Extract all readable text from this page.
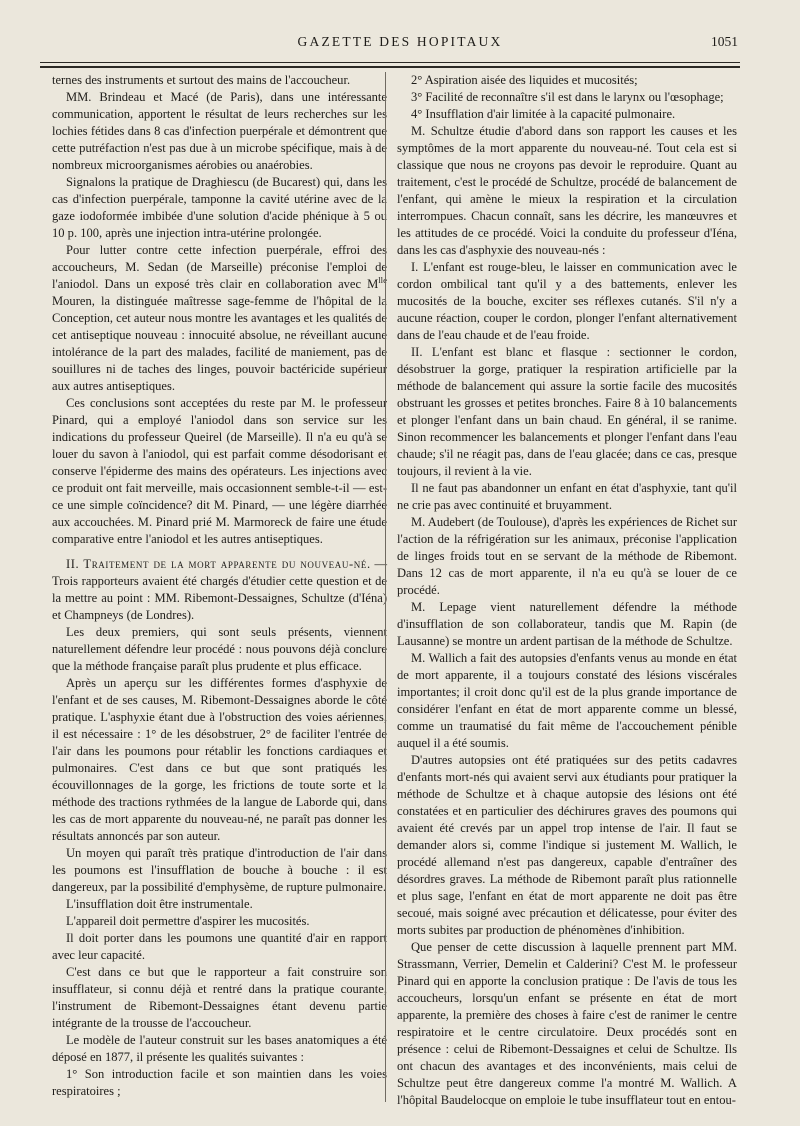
GAZETTE DES HOPITAUX	1051

ternes des instruments et surtout des mains de l'accoucheur.

MM. Brindeau et Macé (de Paris), dans une intéressante communication, apportent le résultat de leurs recherches sur les lochies fétides dans 8 cas d'infection puerpérale et démontrent que cette putréfaction n'est pas due à un microbe spécifique, mais à de nombreux microorganismes aérobies ou anaérobies.

Signalons la pratique de Draghiescu (de Bucarest) qui, dans les cas d'infection puerpérale, tamponne la cavité utérine avec de la gaze iodoformée imbibée d'une solution d'acide phénique à 5 ou 10 p. 100, après une injection intra-utérine prolongée.

Pour lutter contre cette infection puerpérale, effroi des accoucheurs, M. Sedan (de Marseille) préconise l'emploi de l'aniodol. Dans un exposé très clair en collaboration avec $M^{lle}$ Mouren, la distinguée maîtresse sage-femme de l'hôpital de la Conception, cet auteur nous montre les avantages et les qualités de cet antiseptique nouveau : innocuité absolue, ne réveillant aucune intolérance de la part des malades, facilité de maniement, pas de souillures ni de taches des linges, pouvoir bactéricide supérieur aux autres antiseptiques.

Ces conclusions sont acceptées du reste par M. le professeur Pinard, qui a employé l'aniodol dans son service sur les indications du professeur Queirel (de Marseille). Il n'a eu qu'à se louer du savon à l'aniodol, qui est parfait comme désodorisant et conserve l'épiderme des mains des opérateurs. Les injections avec ce produit ont fait merveille, mais occasionnent semble-t-il — est-ce une simple coïncidence? dit M. Pinard, — une légère diarrhée aux accouchées. M. Pinard prié M. Marmoreck de faire une étude comparative entre l'aniodol et les autres antiseptiques.

II. Traitement de la mort apparente du nouveau-né. — Trois rapporteurs avaient été chargés d'étudier cette question et de la mettre au point : MM. Ribemont-Dessaignes, Schultze (d'Iéna) et Champneys (de Londres).

Les deux premiers, qui sont seuls présents, viennent naturellement défendre leur procédé : nous pouvons déjà conclure que la méthode française paraît plus prudente et plus efficace.

Après un aperçu sur les différentes formes d'asphyxie de l'enfant et de ses causes, M. Ribemont-Dessaignes aborde le côté pratique. L'asphyxie étant due à l'obstruction des voies aériennes, il est nécessaire : 1° de les désobstruer, 2° de faciliter l'entrée de l'air dans les poumons pour rétablir les fonctions cardiaques et pulmonaires. C'est dans ce but que sont pratiqués les écouvillonnages de la gorge, les frictions de toute sorte et la méthode des tractions rythmées de la langue de Laborde qui, dans les cas de mort apparente du nouveau-né, ne paraît pas donner les résultats annoncés par son auteur.

Un moyen qui paraît très pratique d'introduction de l'air dans les poumons est l'insufflation de bouche à bouche : il est dangereux, par la possibilité d'emphysème, de rupture pulmonaire.

L'insufflation doit être instrumentale.

L'appareil doit permettre d'aspirer les mucosités.

Il doit porter dans les poumons une quantité d'air en rapport avec leur capacité.

C'est dans ce but que le rapporteur a fait construire son insufflateur, si connu déjà et rentré dans la pratique courante, l'instrument de Ribemont-Dessaignes étant devenu partie intégrante de la trousse de l'accoucheur.

Le modèle de l'auteur construit sur les bases anatomiques a été déposé en 1877, il présente les qualités suivantes :

1° Son introduction facile et son maintien dans les voies respiratoires ;

2° Aspiration aisée des liquides et mucosités;

3° Facilité de reconnaître s'il est dans le larynx ou l'œsophage;

4° Insufflation d'air limitée à la capacité pulmonaire.

M. Schultze étudie d'abord dans son rapport les causes et les symptômes de la mort apparente du nouveau-né. Tout cela est si classique que nous ne croyons pas devoir le reproduire. Quant au traitement, c'est le procédé de Schultze, procédé de balancement de l'enfant, qui amène le mieux la respiration et la circulation interrompues. Chacun connaît, sans les décrire, les manœuvres et les attitudes de ce procédé. Voici la conduite du professeur d'Iéna, dans les cas d'asphyxie des nouveau-nés :

I. L'enfant est rouge-bleu, le laisser en communication avec le cordon ombilical tant qu'il y a des battements, enlever les mucosités de la bouche, exciter ses réflexes cutanés. S'il n'y a aucune réaction, couper le cordon, plonger l'enfant alternativement dans de l'eau chaude et de l'eau froide.

II. L'enfant est blanc et flasque : sectionner le cordon, désobstruer la gorge, pratiquer la respiration artificielle par la méthode de balancement qui assure la sortie facile des mucosités obstruant les grosses et petites bronches. Faire 8 à 10 balancements et plonger l'enfant dans un bain chaud. En général, il se ranime. Sinon recommencer les balancements et plonger l'enfant dans l'eau chaude; s'il ne réagit pas, dans de l'eau glacée; dans ce cas, presque toujours, il revient à la vie.

Il ne faut pas abandonner un enfant en état d'asphyxie, tant qu'il ne crie pas avec continuité et bruyamment.

M. Audebert (de Toulouse), d'après les expériences de Richet sur l'action de la réfrigération sur les animaux, préconise l'application de linges froids tout en se servant de la méthode de Ribemont. Dans 12 cas de mort apparente, il n'a eu qu'à se louer de ce procédé.

M. Lepage vient naturellement défendre la méthode d'insufflation de son collaborateur, tandis que M. Rapin (de Lausanne) se montre un ardent partisan de la méthode de Schultze.

M. Wallich a fait des autopsies d'enfants venus au monde en état de mort apparente, il a toujours constaté des lésions viscérales importantes; il croit donc qu'il est de la plus grande importance de considérer l'enfant en état de mort apparente comme un blessé, comme un traumatisé du fait même de l'accouchement pénible auquel il a été soumis.

D'autres autopsies ont été pratiquées sur des petits cadavres d'enfants mort-nés qui avaient servi aux étudiants pour pratiquer la méthode de Schultze et à chaque autopsie des lésions ont été constatées et en particulier des déchirures graves des poumons qui avaient été crevés par un appel trop intense de l'air. Il faut se demander alors si, comme l'indique si justement M. Wallich, le procédé allemand n'est pas dangereux, capable d'entraîner des désordres graves. La méthode de Ribemont paraît plus rationnelle et plus sage, l'enfant en état de mort apparente ne doit pas être secoué, mais soigné avec précaution et délicatesse, pour éviter des morts subites par production de phénomènes d'inhibition.

Que penser de cette discussion à laquelle prennent part MM. Strassmann, Verrier, Demelin et Calderini? C'est M. le professeur Pinard qui en apporte la conclusion pratique : De l'avis de tous les accoucheurs, lorsqu'un enfant se présente en état de mort apparente, la première des choses à faire c'est de ranimer le centre respiratoire et le centre circulatoire. Deux procédés sont en présence : celui de Ribemont-Dessaignes et celui de Schultze. Ils ont chacun des avantages et des inconvénients, mais celui de Schultze peut être dangereux comme l'a montré M. Wallich. A l'hôpital Baudelocque on emploie le tube insufflateur tout en entou-
